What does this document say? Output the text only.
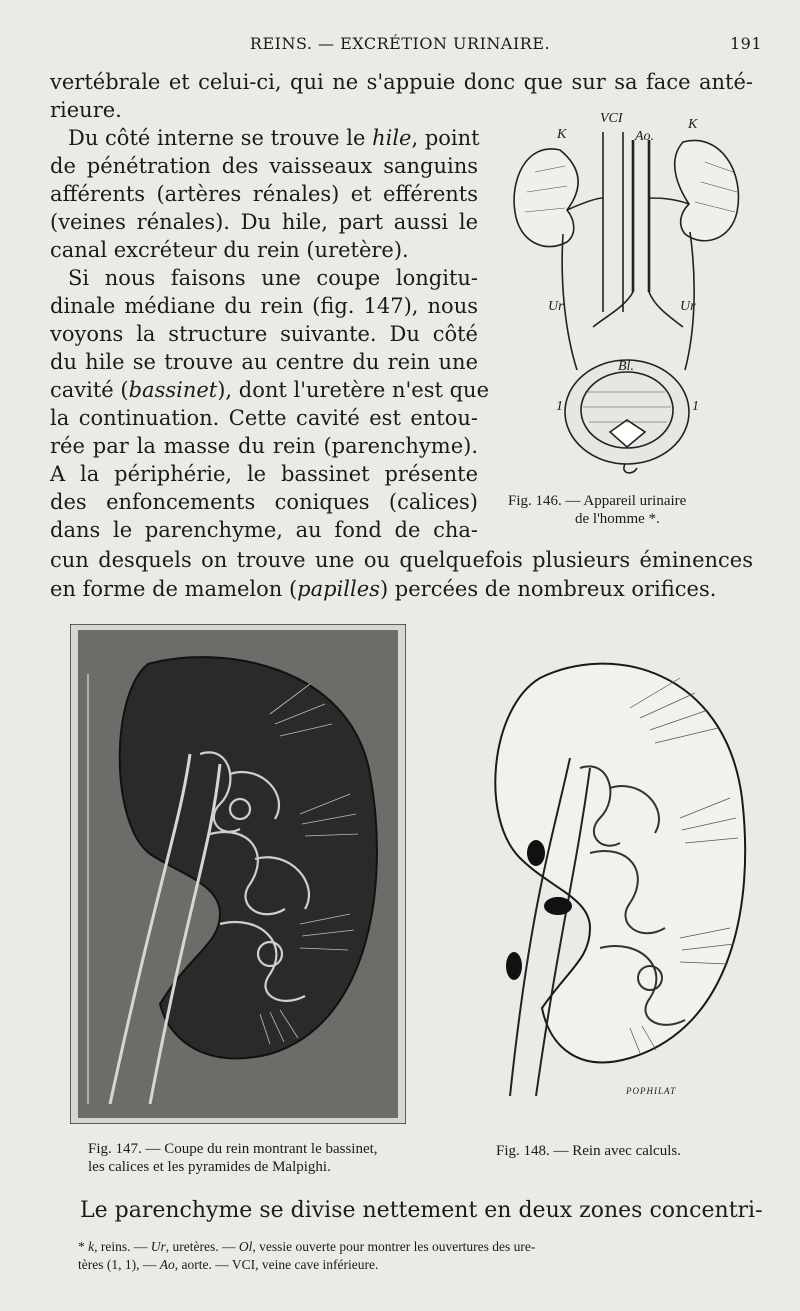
REINS. — EXCRÉTION URINAIRE.	191
vertébrale et celui-ci, qui ne s'appuie donc que sur sa face anté-
rieure.
Du côté interne se trouve le hile, point
de pénétration des vaisseaux sanguins
afférents (artères rénales) et efférents
(veines rénales). Du hile, part aussi le
canal excréteur du rein (uretère).
Si nous faisons une coupe longitu-
dinale médiane du rein (fig. 147), nous
voyons la structure suivante. Du côté
du hile se trouve au centre du rein une
cavité (bassinet), dont l'uretère n'est que
la continuation. Cette cavité est entou-
rée par la masse du rein (parenchyme).
A la périphérie, le bassinet présente
des enfoncements coniques (calices)
dans le parenchyme, au fond de cha-
cun desquels on trouve une ou quelquefois plusieurs éminences
en forme de mamelon (papilles) percées de nombreux orifices.
VCI
K
K
Ao.
Ur	Ur
Bl.
1	1
Fig. 146. — Appareil urinaire
de l'homme *.
Fig. 147. — Coupe du rein montrant le bassinet,
les calices et les pyramides de Malpighi.
POPHILAT
Fig. 148. — Rein avec calculs.
Le parenchyme se divise nettement en deux zones concentri-
* k, reins. — Ur, uretères. — Ol, vessie ouverte pour montrer les ouvertures des ure-
tères (1, 1), — Ao, aorte. — VCI, veine cave inférieure.
